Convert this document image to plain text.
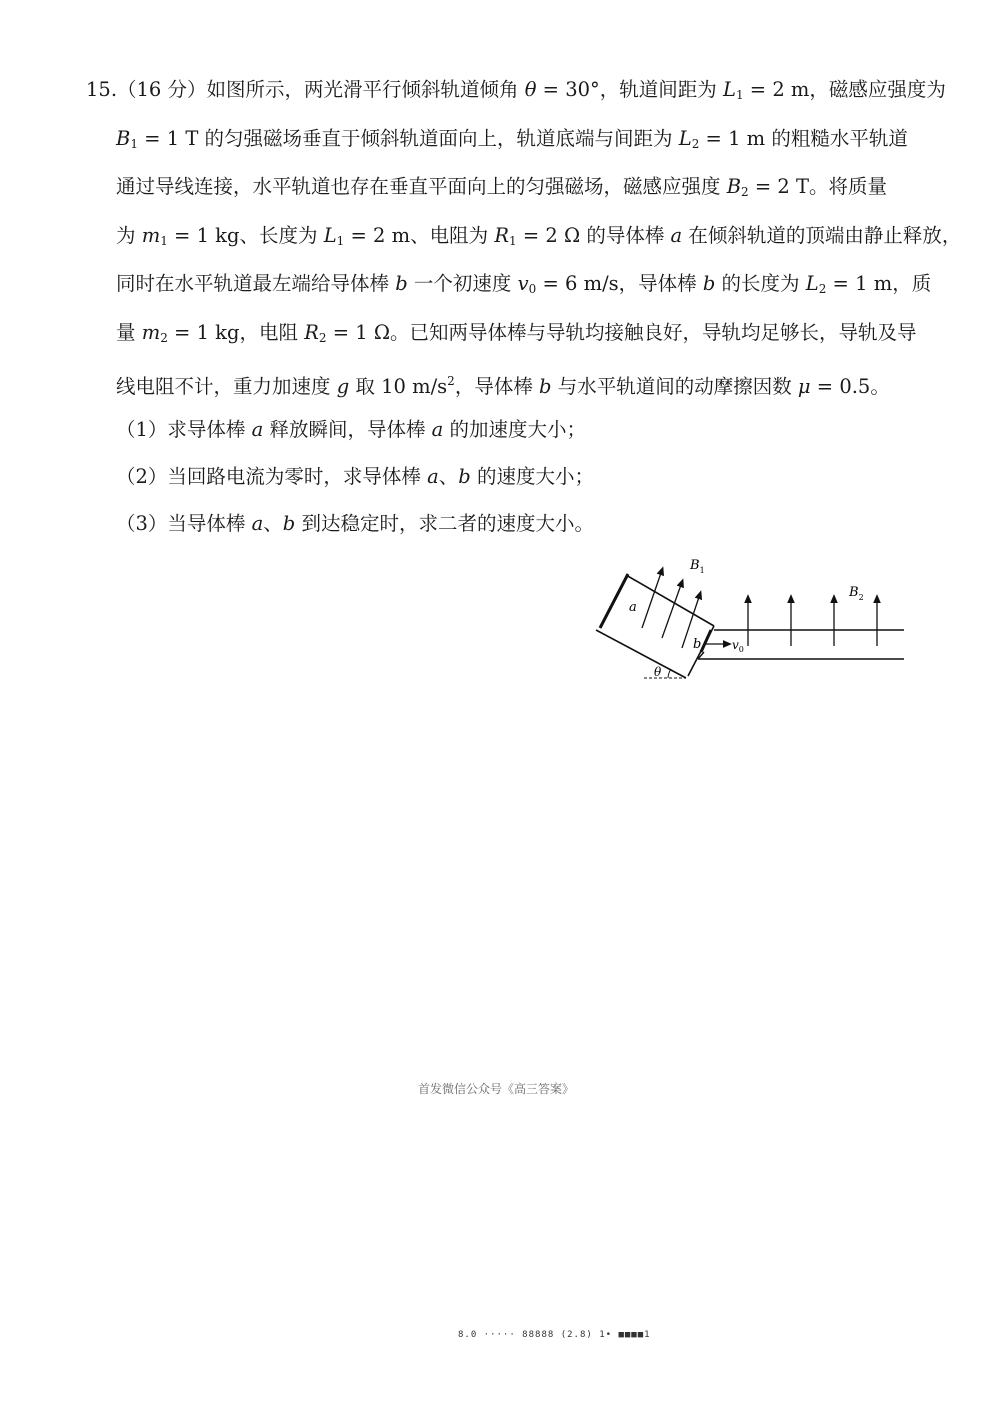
15.（16 分）如图所示，两光滑平行倾斜轨道倾角 θ = 30°，轨道间距为 $L_1 = 2$ m，磁感应强度为
$B_1 = 1$ T 的匀强磁场垂直于倾斜轨道面向上，轨道底端与间距为 $L_2 = 1$ m 的粗糙水平轨道
通过导线连接，水平轨道也存在垂直平面向上的匀强磁场，磁感应强度 $B_2 = 2$ T。将质量
为 $m_1 = 1$ kg、长度为 $L_1 = 2$ m、电阻为 $R_1 = 2$ Ω 的导体棒 a 在倾斜轨道的顶端由静止释放，
同时在水平轨道最左端给导体棒 b 一个初速度 $v_0 = 6$ m/s，导体棒 b 的长度为 $L_2 = 1$ m，质
量 $m_2 = 1$ kg，电阻 $R_2 = 1$ Ω。已知两导体棒与导轨均接触良好，导轨均足够长，导轨及导
线电阻不计，重力加速度 g 取 10 $m/s^2$，导体棒 b 与水平轨道间的动摩擦因数 μ = 0.5。
（1）求导体棒 a 释放瞬间，导体棒 a 的加速度大小；
（2）当回路电流为零时，求导体棒 a、b 的速度大小；
（3）当导体棒 a、b 到达稳定时，求二者的速度大小。
a
b
$B_1$
$B_2$
$v_0$
θ
首发微信公众号《高三答案》
8.0 ····· 88888 (2.8) 1• ■■■■1
